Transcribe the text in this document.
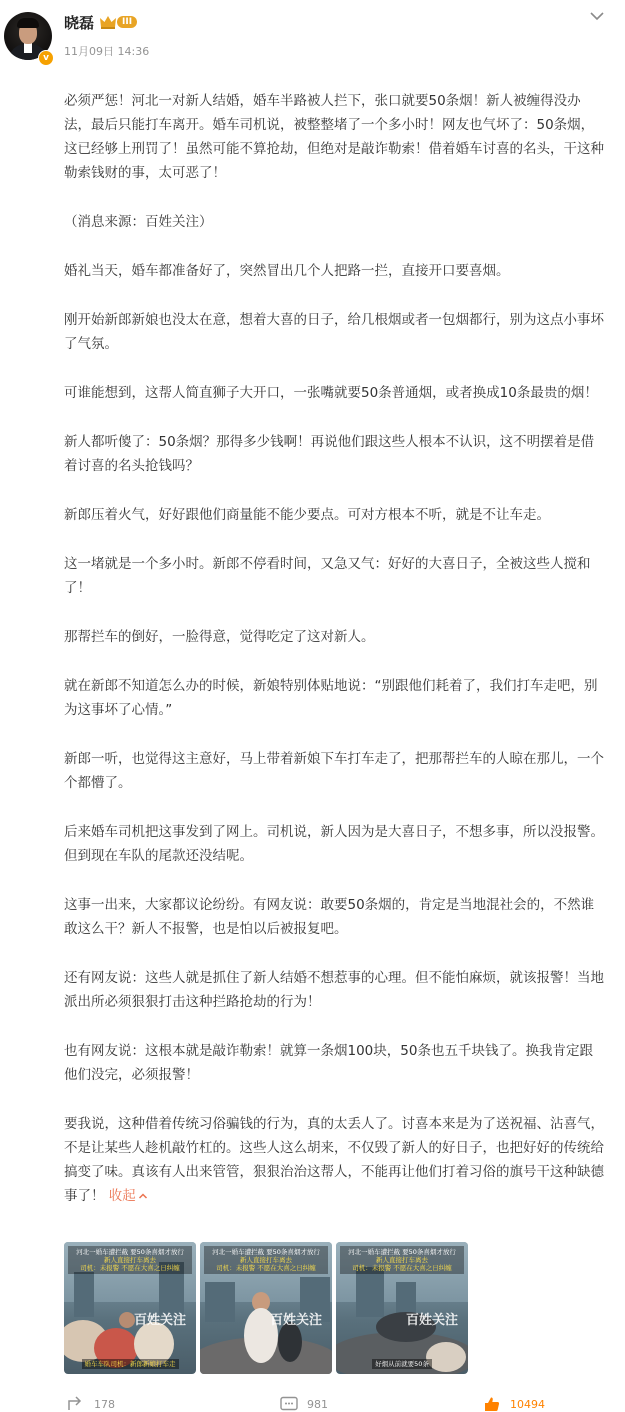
v
晓磊	III
11月09日 14:36

必须严惩！河北一对新人结婚，婚车半路被人拦下，张口就要50条烟！新人被缠得没办法，最后只能打车离开。婚车司机说，被整整堵了一个多小时！网友也气坏了：50条烟，这已经够上刑罚了！虽然可能不算抢劫，但绝对是敲诈勒索！借着婚车讨喜的名头，干这种勒索钱财的事，太可恶了！

（消息来源：百姓关注）

婚礼当天，婚车都准备好了，突然冒出几个人把路一拦，直接开口要喜烟。

刚开始新郎新娘也没太在意，想着大喜的日子，给几根烟或者一包烟都行，别为这点小事坏了气氛。

可谁能想到，这帮人简直狮子大开口，一张嘴就要50条普通烟，或者换成10条最贵的烟！

新人都听傻了：50条烟？那得多少钱啊！再说他们跟这些人根本不认识，这不明摆着是借着讨喜的名头抢钱吗？

新郎压着火气，好好跟他们商量能不能少要点。可对方根本不听，就是不让车走。

这一堵就是一个多小时。新郎不停看时间，又急又气：好好的大喜日子，全被这些人搅和了！

那帮拦车的倒好，一脸得意，觉得吃定了这对新人。

就在新郎不知道怎么办的时候，新娘特别体贴地说：“别跟他们耗着了，我们打车走吧，别为这事坏了心情。”

新郎一听，也觉得这主意好，马上带着新娘下车打车走了，把那帮拦车的人晾在那儿，一个个都懵了。

后来婚车司机把这事发到了网上。司机说，新人因为是大喜日子，不想多事，所以没报警。但到现在车队的尾款还没结呢。

这事一出来，大家都议论纷纷。有网友说：敢要50条烟的，肯定是当地混社会的，不然谁敢这么干？新人不报警，也是怕以后被报复吧。

还有网友说：这些人就是抓住了新人结婚不想惹事的心理。但不能怕麻烦，就该报警！当地派出所必须狠狠打击这种拦路抢劫的行为！

也有网友说：这根本就是敲诈勒索！就算一条烟100块，50条也五千块钱了。换我肯定跟他们没完，必须报警！

要我说，这种借着传统习俗骗钱的行为，真的太丢人了。讨喜本来是为了送祝福、沾喜气，不是让某些人趁机敲竹杠的。这些人这么胡来，不仅毁了新人的好日子，也把好好的传统给搞变了味。真该有人出来管管，狠狠治治这帮人，不能再让他们打着习俗的旗号干这种缺德事了！ 收起

河北一婚车遭拦截 要50条喜烟才放行
新人直接打车离去
司机：未报警 不愿在大喜之日纠缠
百姓关注
婚车车队司机：新郎新娘打车走
河北一婚车遭拦截 要50条喜烟才放行
新人直接打车离去
司机：未报警 不愿在大喜之日纠缠
百姓关注
河北一婚车遭拦截 要50条喜烟才放行
新人直接打车离去
司机：未报警 不愿在大喜之日纠缠
百姓关注
好烟从前就要50条
178	981	10494
